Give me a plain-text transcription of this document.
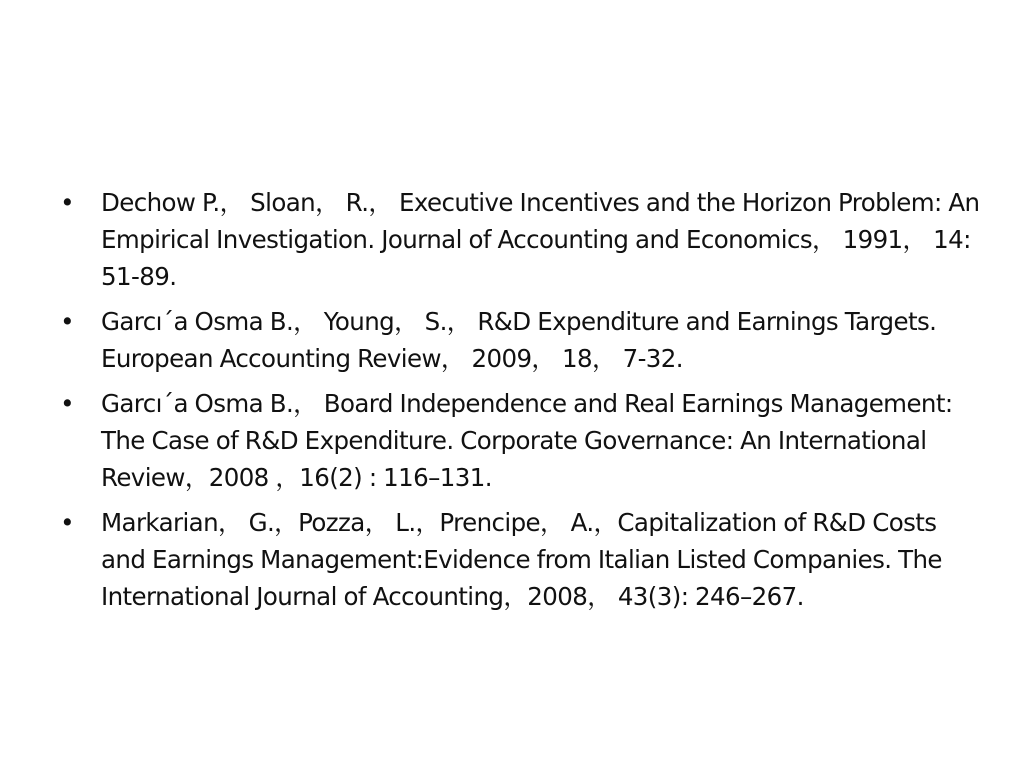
• Dechow P.， Sloan， R.， Executive Incentives and the Horizon Problem: An Empirical Investigation. Journal of Accounting and Economics， 1991， 14: 51-89.
• Garcı´a Osma B.， Young， S.， R&D Expenditure and Earnings Targets. European Accounting Review， 2009， 18， 7-32.
• Garcı´a Osma B.， Board Independence and Real Earnings Management: The Case of R&D Expenditure. Corporate Governance: An International Review，2008 ，16(2) : 116–131.
• Markarian， G.，Pozza， L.，Prencipe， A.，Capitalization of R&D Costs and Earnings Management:Evidence from Italian Listed Companies. The International Journal of Accounting，2008， 43(3): 246–267.
